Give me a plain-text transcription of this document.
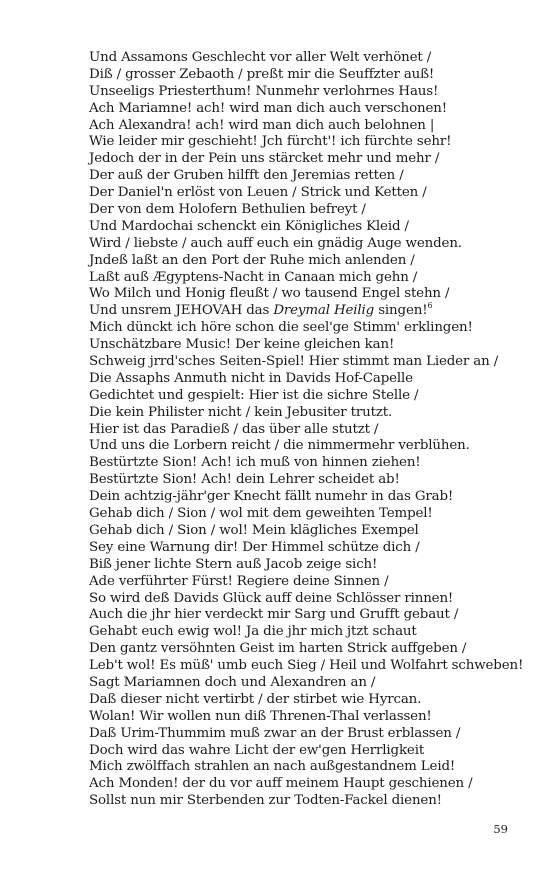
Und Assamons Geschlecht vor aller Welt verhönet /
Diß / grosser Zebaoth / preßt mir die Seuffzter auß!
Unseeligs Priesterthum! Nunmehr verlohrnes Haus!
Ach Mariamne! ach! wird man dich auch verschonen!
Ach Alexandra! ach! wird man dich auch belohnen |
Wie leider mir geschieht! Jch fürcht'! ich fürchte sehr!
Jedoch der in der Pein uns stärcket mehr und mehr /
Der auß der Gruben hilfft den Jeremias retten /
Der Daniel'n erlöst von Leuen / Strick und Ketten /
Der von dem Holofern Bethulien befreyt /
Und Mardochai schenckt ein Königliches Kleid /
Wird / liebste / auch auff euch ein gnädig Auge wenden.
Jndeß laßt an den Port der Ruhe mich anlenden /
Laßt auß Ægyptens-Nacht in Canaan mich gehn /
Wo Milch und Honig fleußt / wo tausend Engel stehn /
Und unsrem JEHOVAH das Dreymal Heilig singen!$^6$
Mich dünckt ich höre schon die seel'ge Stimm' erklingen!
Unschätzbare Music! Der keine gleichen kan!
Schweig jrrd'sches Seiten-Spiel! Hier stimmt man Lieder an /
Die Assaphs Anmuth nicht in Davids Hof-Capelle
Gedichtet und gespielt: Hier ist die sichre Stelle /
Die kein Philister nicht / kein Jebusiter trutzt.
Hier ist das Paradieß / das über alle stutzt /
Und uns die Lorbern reicht / die nimmermehr verblühen.
Bestürtzte Sion! Ach! ich muß von hinnen ziehen!
Bestürtzte Sion! Ach! dein Lehrer scheidet ab!
Dein achtzig-jähr'ger Knecht fällt numehr in das Grab!
Gehab dich / Sion / wol mit dem geweihten Tempel!
Gehab dich / Sion / wol! Mein klägliches Exempel
Sey eine Warnung dir! Der Himmel schütze dich /
Biß jener lichte Stern auß Jacob zeige sich!
Ade verführter Fürst! Regiere deine Sinnen /
So wird deß Davids Glück auff deine Schlösser rinnen!
Auch die jhr hier verdeckt mir Sarg und Grufft gebaut /
Gehabt euch ewig wol! Ja die jhr mich jtzt schaut
Den gantz versöhnten Geist im harten Strick auffgeben /
Leb't wol! Es müß' umb euch Sieg / Heil und Wolfahrt schweben!
Sagt Mariamnen doch und Alexandren an /
Daß dieser nicht vertirbt / der stirbet wie Hyrcan.
Wolan! Wir wollen nun diß Threnen-Thal verlassen!
Daß Urim-Thummim muß zwar an der Brust erblassen /
Doch wird das wahre Licht der ew'gen Herrligkeit
Mich zwölffach strahlen an nach außgestandnem Leid!
Ach Monden! der du vor auff meinem Haupt geschienen /
Sollst nun mir Sterbenden zur Todten-Fackel dienen!
59
